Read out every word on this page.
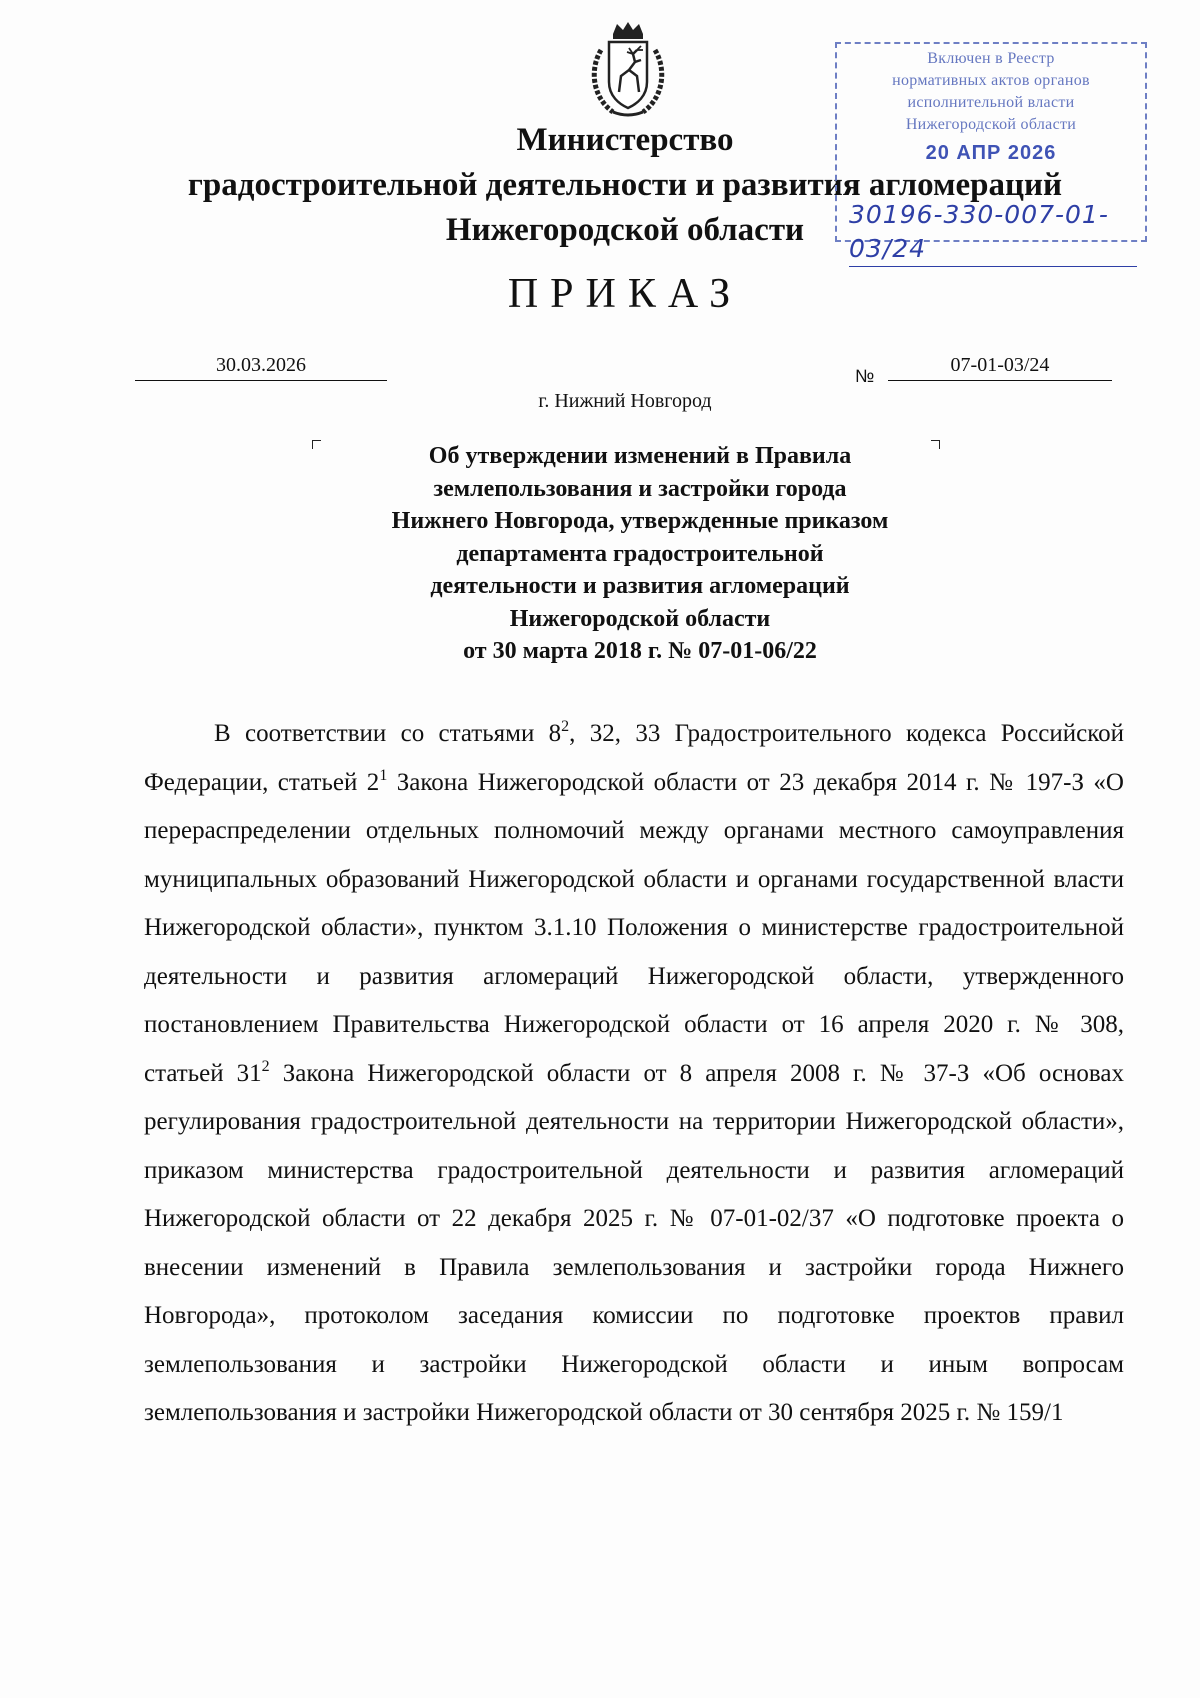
Министерство
градостроительной деятельности и развития агломераций
Нижегородской области
Включен в Реестр
нормативных актов органов
исполнительной власти
Нижегородской области
20 АПР 2026
30196-330-007-01-03/24
ПРИКАЗ
30.03.2026	№	07-01-03/24
г. Нижний Новгород
Об утверждении изменений в Правила
землепользования и застройки города
Нижнего Новгорода, утвержденные приказом
департамента градостроительной
деятельности и развития агломераций
Нижегородской области
от 30 марта 2018 г. № 07-01-06/22
В соответствии со статьями $8^2$, 32, 33 Градостроительного кодекса Российской Федерации, статьей $2^1$ Закона Нижегородской области от 23 декабря 2014 г. № 197-З «О перераспределении отдельных полномочий между органами местного самоуправления муниципальных образований Нижегородской области и органами государственной власти Нижегородской области», пунктом 3.1.10 Положения о министерстве градостроительной деятельности и развития агломераций Нижегородской области, утвержденного постановлением Правительства Нижегородской области от 16 апреля 2020 г. № 308, статьей $31^2$ Закона Нижегородской области от 8 апреля 2008 г. № 37-З «Об основах регулирования градостроительной деятельности на территории Нижегородской области», приказом министерства градостроительной деятельности и развития агломераций Нижегородской области от 22 декабря 2025 г. № 07-01-02/37 «О подготовке проекта о внесении изменений в Правила землепользования и застройки города Нижнего Новгорода», протоколом заседания комиссии по подготовке проектов правил землепользования и застройки Нижегородской области и иным вопросам землепользования и застройки Нижегородской области от 30 сентября 2025 г. № 159/1
